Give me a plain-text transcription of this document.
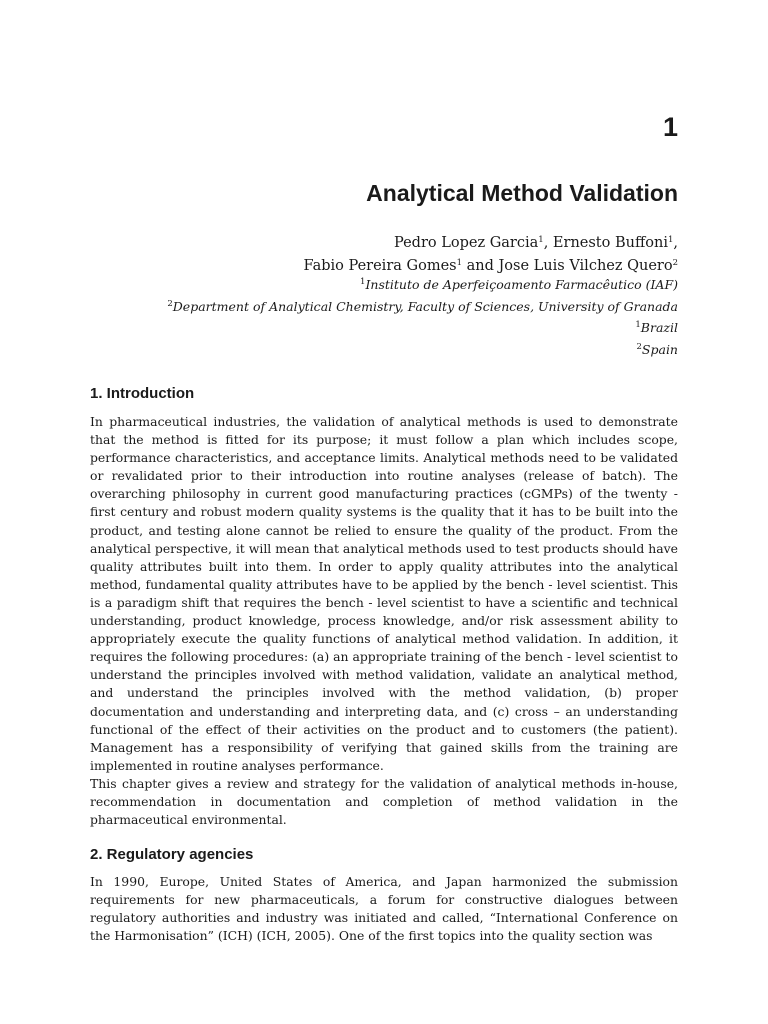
1
Analytical Method Validation
Pedro Lopez Garcia$^1$, Ernesto Buffoni$^1$,
Fabio Pereira Gomes$^1$ and Jose Luis Vilchez Quero$^2$
$^1$Instituto de Aperfeiçoamento Farmacêutico (IAF)
$^2$Department of Analytical Chemistry, Faculty of Sciences, University of Granada
$^1$Brazil
$^2$Spain
1. Introduction
In pharmaceutical industries, the validation of analytical methods is used to demonstrate that the method is fitted for its purpose; it must follow a plan which includes scope, performance characteristics, and acceptance limits. Analytical methods need to be validated or revalidated prior to their introduction into routine analyses (release of batch). The overarching philosophy in current good manufacturing practices (cGMPs) of the twenty - first century and robust modern quality systems is the quality that it has to be built into the product, and testing alone cannot be relied to ensure the quality of the product. From the analytical perspective, it will mean that analytical methods used to test products should have quality attributes built into them. In order to apply quality attributes into the analytical method, fundamental quality attributes have to be applied by the bench - level scientist. This is a paradigm shift that requires the bench - level scientist to have a scientific and technical understanding, product knowledge, process knowledge, and/or risk assessment ability to appropriately execute the quality functions of analytical method validation. In addition, it requires the following procedures: (a) an appropriate training of the bench - level scientist to understand the principles involved with method validation, validate an analytical method, and understand the principles involved with the method validation, (b) proper documentation and understanding and interpreting data, and (c) cross – an understanding functional of the effect of their activities on the product and to customers (the patient). Management has a responsibility of verifying that gained skills from the training are implemented in routine analyses performance.
This chapter gives a review and strategy for the validation of analytical methods in-house, recommendation in documentation and completion of method validation in the pharmaceutical environmental.
2. Regulatory agencies
In 1990, Europe, United States of America, and Japan harmonized the submission requirements for new pharmaceuticals, a forum for constructive dialogues between regulatory authorities and industry was initiated and called, “International Conference on the Harmonisation” (ICH) (ICH, 2005). One of the first topics into the quality section was
